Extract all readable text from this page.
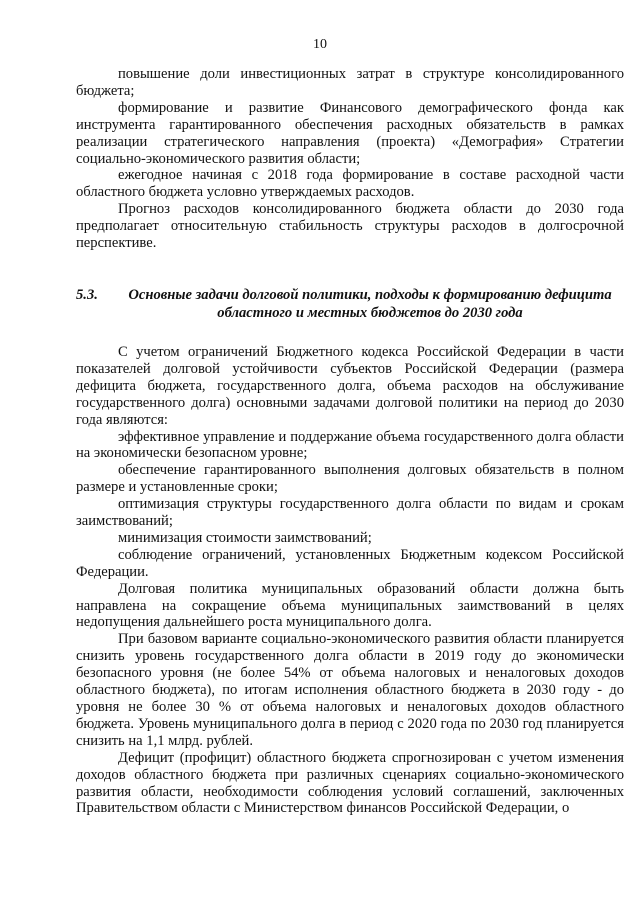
10

повышение доли инвестиционных затрат в структуре консолидированного бюджета;

формирование и развитие Финансового демографического фонда как инструмента гарантированного обеспечения расходных обязательств в рамках реализации стратегического направления (проекта) «Демография» Стратегии социально-экономического развития области;

ежегодное начиная с 2018 года формирование в составе расходной части областного бюджета условно утверждаемых расходов.

Прогноз расходов консолидированного бюджета области до 2030 года предполагает относительную стабильность структуры расходов в долгосрочной перспективе.

5.3.	Основные задачи долговой политики, подходы к формированию дефицита
областного и местных бюджетов до 2030 года

С учетом ограничений Бюджетного кодекса Российской Федерации в части показателей долговой устойчивости субъектов Российской Федерации (размера дефицита бюджета, государственного долга, объема расходов на обслуживание государственного долга) основными задачами долговой политики на период до 2030 года являются:

эффективное управление и поддержание объема государственного долга области на экономически безопасном уровне;

обеспечение гарантированного выполнения долговых обязательств в полном размере и установленные сроки;

оптимизация структуры государственного долга области по видам и срокам заимствований;

минимизация стоимости заимствований;

соблюдение ограничений, установленных Бюджетным кодексом Российской Федерации.

Долговая политика муниципальных образований области должна быть направлена на сокращение объема муниципальных заимствований в целях недопущения дальнейшего роста муниципального долга.

При базовом варианте социально-экономического развития области планируется снизить уровень государственного долга области в 2019 году до экономически безопасного уровня (не более 54% от объема налоговых и неналоговых доходов областного бюджета), по итогам исполнения областного бюджета в 2030 году - до уровня не более 30 % от объема налоговых и неналоговых доходов областного бюджета. Уровень муниципального долга в период с 2020 года по 2030 год планируется снизить на 1,1 млрд. рублей.

Дефицит (профицит) областного бюджета спрогнозирован с учетом изменения доходов областного бюджета при различных сценариях социально-экономического развития области, необходимости соблюдения условий соглашений, заключенных Правительством области с Министерством финансов Российской Федерации, о
